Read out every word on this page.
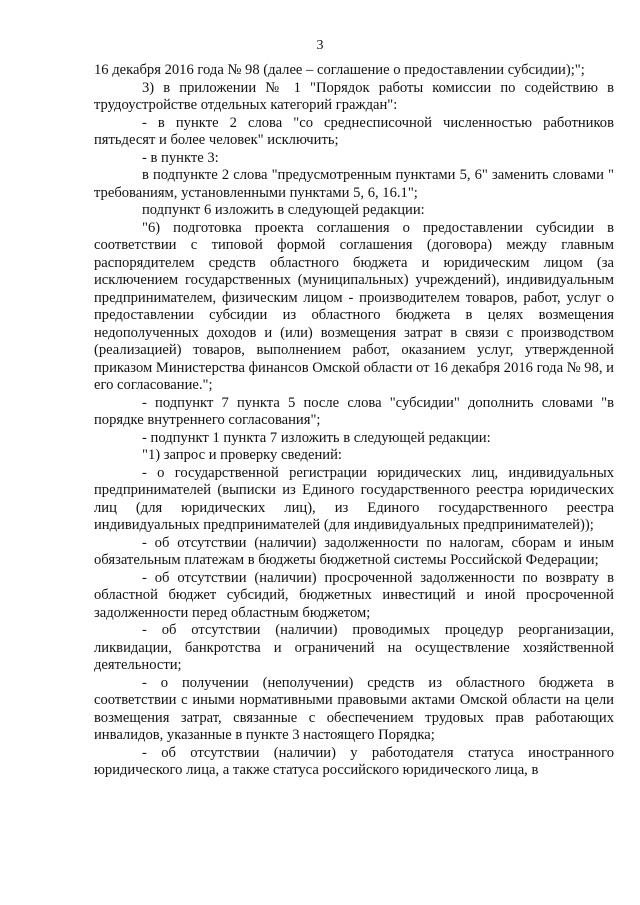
3

16 декабря 2016 года № 98 (далее – соглашение о предоставлении субсидии);";

3) в приложении № 1 "Порядок работы комиссии по содействию в трудоустройстве отдельных категорий граждан":

- в пункте 2 слова "со среднесписочной численностью работников пятьдесят и более человек" исключить;

- в пункте 3:

в подпункте 2 слова "предусмотренным пунктами 5, 6" заменить словами " требованиям, установленными пунктами 5, 6, 16.1";

подпункт 6 изложить в следующей редакции:

"6) подготовка проекта соглашения о предоставлении субсидии в соответствии с типовой формой соглашения (договора) между главным распорядителем средств областного бюджета и юридическим лицом (за исключением государственных (муниципальных) учреждений), индивидуальным предпринимателем, физическим лицом - производителем товаров, работ, услуг о предоставлении субсидии из областного бюджета в целях возмещения недополученных доходов и (или) возмещения затрат в связи с производством (реализацией) товаров, выполнением работ, оказанием услуг, утвержденной приказом Министерства финансов Омской области от 16 декабря 2016 года № 98, и его согласование.";

- подпункт 7 пункта 5 после слова "субсидии" дополнить словами "в порядке внутреннего согласования";

- подпункт 1 пункта 7 изложить в следующей редакции:

"1) запрос и проверку сведений:

- о государственной регистрации юридических лиц, индивидуальных предпринимателей (выписки из Единого государственного реестра юридических лиц (для юридических лиц), из Единого государственного реестра индивидуальных предпринимателей (для индивидуальных предпринимателей));

- об отсутствии (наличии) задолженности по налогам, сборам и иным обязательным платежам в бюджеты бюджетной системы Российской Федерации;

- об отсутствии (наличии) просроченной задолженности по возврату в областной бюджет субсидий, бюджетных инвестиций и иной просроченной задолженности перед областным бюджетом;

- об отсутствии (наличии) проводимых процедур реорганизации, ликвидации, банкротства и ограничений на осуществление хозяйственной деятельности;

- о получении (неполучении) средств из областного бюджета в соответствии с иными нормативными правовыми актами Омской области на цели возмещения затрат, связанные с обеспечением трудовых прав работающих инвалидов, указанные в пункте 3 настоящего Порядка;

- об отсутствии (наличии) у работодателя статуса иностранного юридического лица, а также статуса российского юридического лица, в
